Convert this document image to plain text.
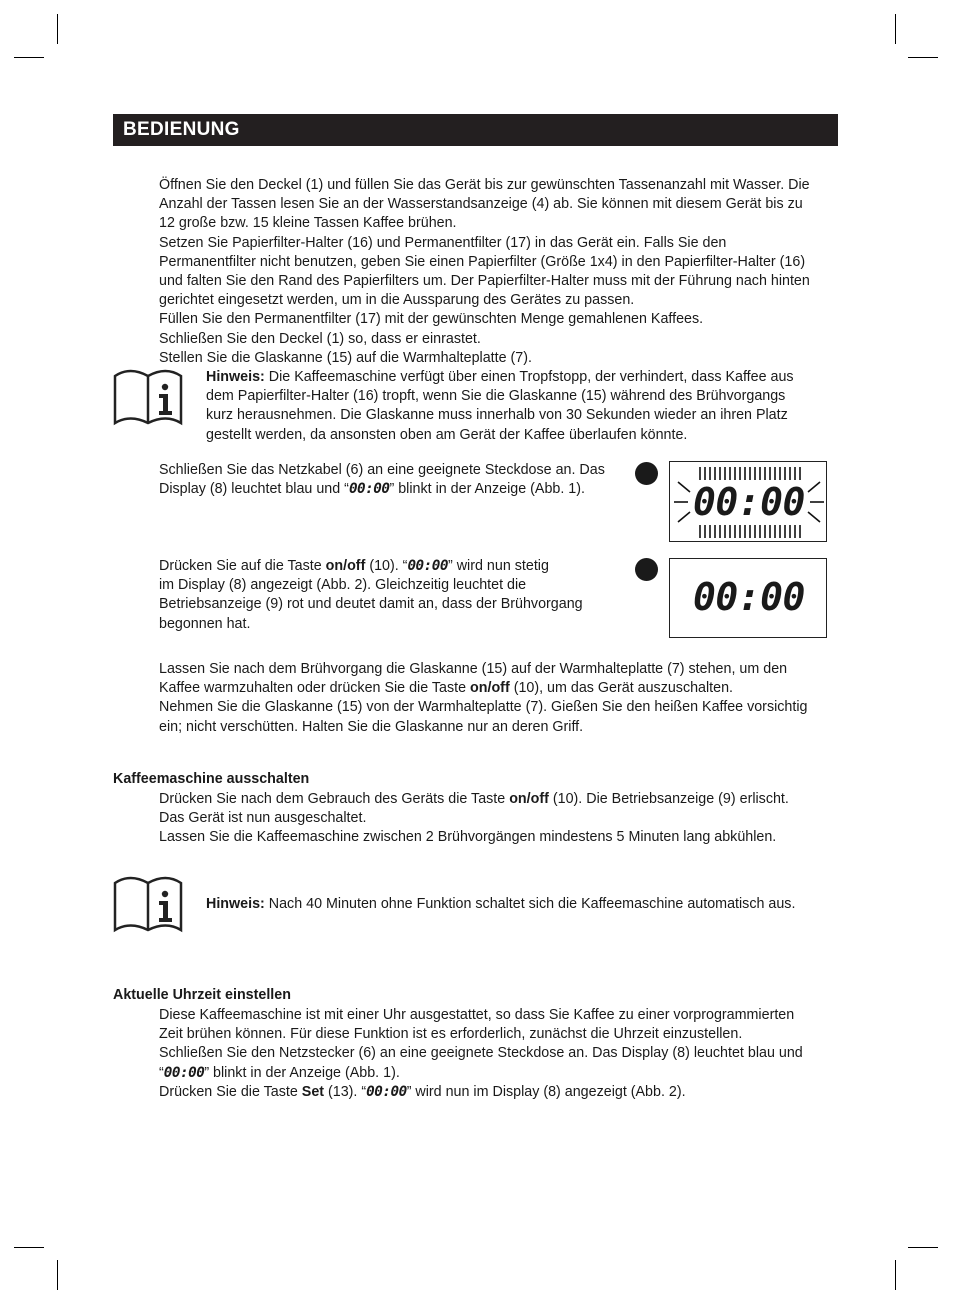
BEDIENUNG

Öffnen Sie den Deckel (1) und füllen Sie das Gerät bis zur gewünschten Tassenanzahl mit Wasser. Die

Anzahl der Tassen lesen Sie an der Wasserstandsanzeige (4) ab. Sie können mit diesem Gerät bis zu

12 große bzw. 15 kleine Tassen Kaffee brühen.

Setzen Sie Papierfilter-Halter (16) und Permanentfilter (17) in das Gerät ein. Falls Sie den

Permanentfilter nicht benutzen, geben Sie einen Papierfilter (Größe 1x4) in den Papierfilter-Halter (16)

und falten Sie den Rand des Papierfilters um. Der Papierfilter-Halter muss mit der Führung nach hinten

gerichtet eingesetzt werden, um in die Aussparung des Gerätes zu passen.

Füllen Sie den Permanentfilter (17) mit der gewünschten Menge gemahlenen Kaffees.

Schließen Sie den Deckel (1) so, dass er einrastet.

Stellen Sie die Glaskanne (15) auf die Warmhalteplatte (7).

Hinweis: Die Kaffeemaschine verfügt über einen Tropfstopp, der verhindert, dass Kaffee aus

dem Papierfilter-Halter (16) tropft, wenn Sie die Glaskanne (15) während des Brühvorgangs

kurz herausnehmen. Die Glaskanne muss innerhalb von 30 Sekunden wieder an ihren Platz

gestellt werden, da ansonsten oben am Gerät der Kaffee überlaufen könnte.

Schließen Sie das Netzkabel (6) an eine geeignete Steckdose an. Das

Display (8) leuchtet blau und “00:00” blinkt in der Anzeige (Abb. 1).	00:00

Drücken Sie auf die Taste on/off (10). “00:00” wird nun stetig

im Display (8) angezeigt (Abb. 2). Gleichzeitig leuchtet die

Betriebsanzeige (9) rot und deutet damit an, dass der Brühvorgang

begonnen hat.

00:00

Lassen Sie nach dem Brühvorgang die Glaskanne (15) auf der Warmhalteplatte (7) stehen, um den

Kaffee warmzuhalten oder drücken Sie die Taste on/off (10), um das Gerät auszuschalten.

Nehmen Sie die Glaskanne (15) von der Warmhalteplatte (7). Gießen Sie den heißen Kaffee vorsichtig

ein; nicht verschütten. Halten Sie die Glaskanne nur an deren Griff.

Kaffeemaschine ausschalten

Drücken Sie nach dem Gebrauch des Geräts die Taste on/off (10). Die Betriebsanzeige (9) erlischt.

Das Gerät ist nun ausgeschaltet.

Lassen Sie die Kaffeemaschine zwischen 2 Brühvorgängen mindestens 5 Minuten lang abkühlen.

Hinweis: Nach 40 Minuten ohne Funktion schaltet sich die Kaffeemaschine automatisch aus.

Aktuelle Uhrzeit einstellen

Diese Kaffeemaschine ist mit einer Uhr ausgestattet, so dass Sie Kaffee zu einer vorprogrammierten

Zeit brühen können. Für diese Funktion ist es erforderlich, zunächst die Uhrzeit einzustellen.

Schließen Sie den Netzstecker (6) an eine geeignete Steckdose an. Das Display (8) leuchtet blau und

“00:00” blinkt in der Anzeige (Abb. 1).

Drücken Sie die Taste Set (13). “00:00” wird nun im Display (8) angezeigt (Abb. 2).
